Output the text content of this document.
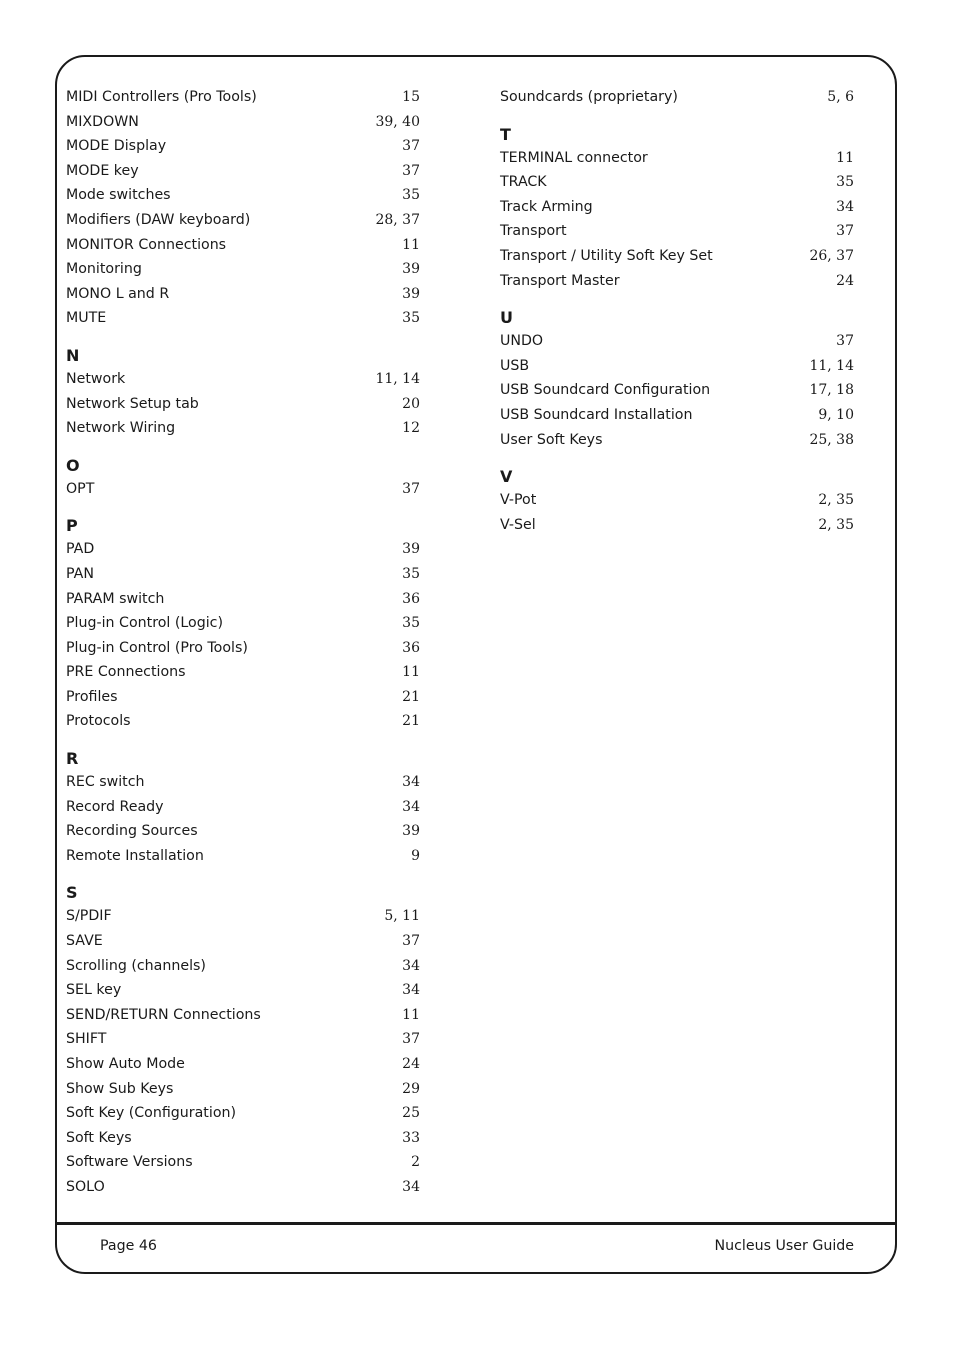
MIDI Controllers (Pro Tools)	15
MIXDOWN	39, 40
MODE Display	37
MODE key	37
Mode switches	35
Modifiers (DAW keyboard)	28, 37
MONITOR Connections	11
Monitoring	39
MONO L and R	39
MUTE	35
N
Network	11, 14
Network Setup tab	20
Network Wiring	12
O
OPT	37
P
PAD	39
PAN	35
PARAM switch	36
Plug-in Control (Logic)	35
Plug-in Control (Pro Tools)	36
PRE Connections	11
Profiles	21
Protocols	21
R
REC switch	34
Record Ready	34
Recording Sources	39
Remote Installation	9
S
S/PDIF	5, 11
SAVE	37
Scrolling (channels)	34
SEL key	34
SEND/RETURN Connections	11
SHIFT	37
Show Auto Mode	24
Show Sub Keys	29
Soft Key (Configuration)	25
Soft Keys	33
Software Versions	2
SOLO	34
Soundcards (proprietary)	5, 6
T
TERMINAL connector	11
TRACK	35
Track Arming	34
Transport	37
Transport / Utility Soft Key Set	26, 37
Transport Master	24
U
UNDO	37
USB	11, 14
USB Soundcard Configuration	17, 18
USB Soundcard Installation	9, 10
User Soft Keys	25, 38
V
V-Pot	2, 35
V-Sel	2, 35
Page 46	Nucleus User Guide
